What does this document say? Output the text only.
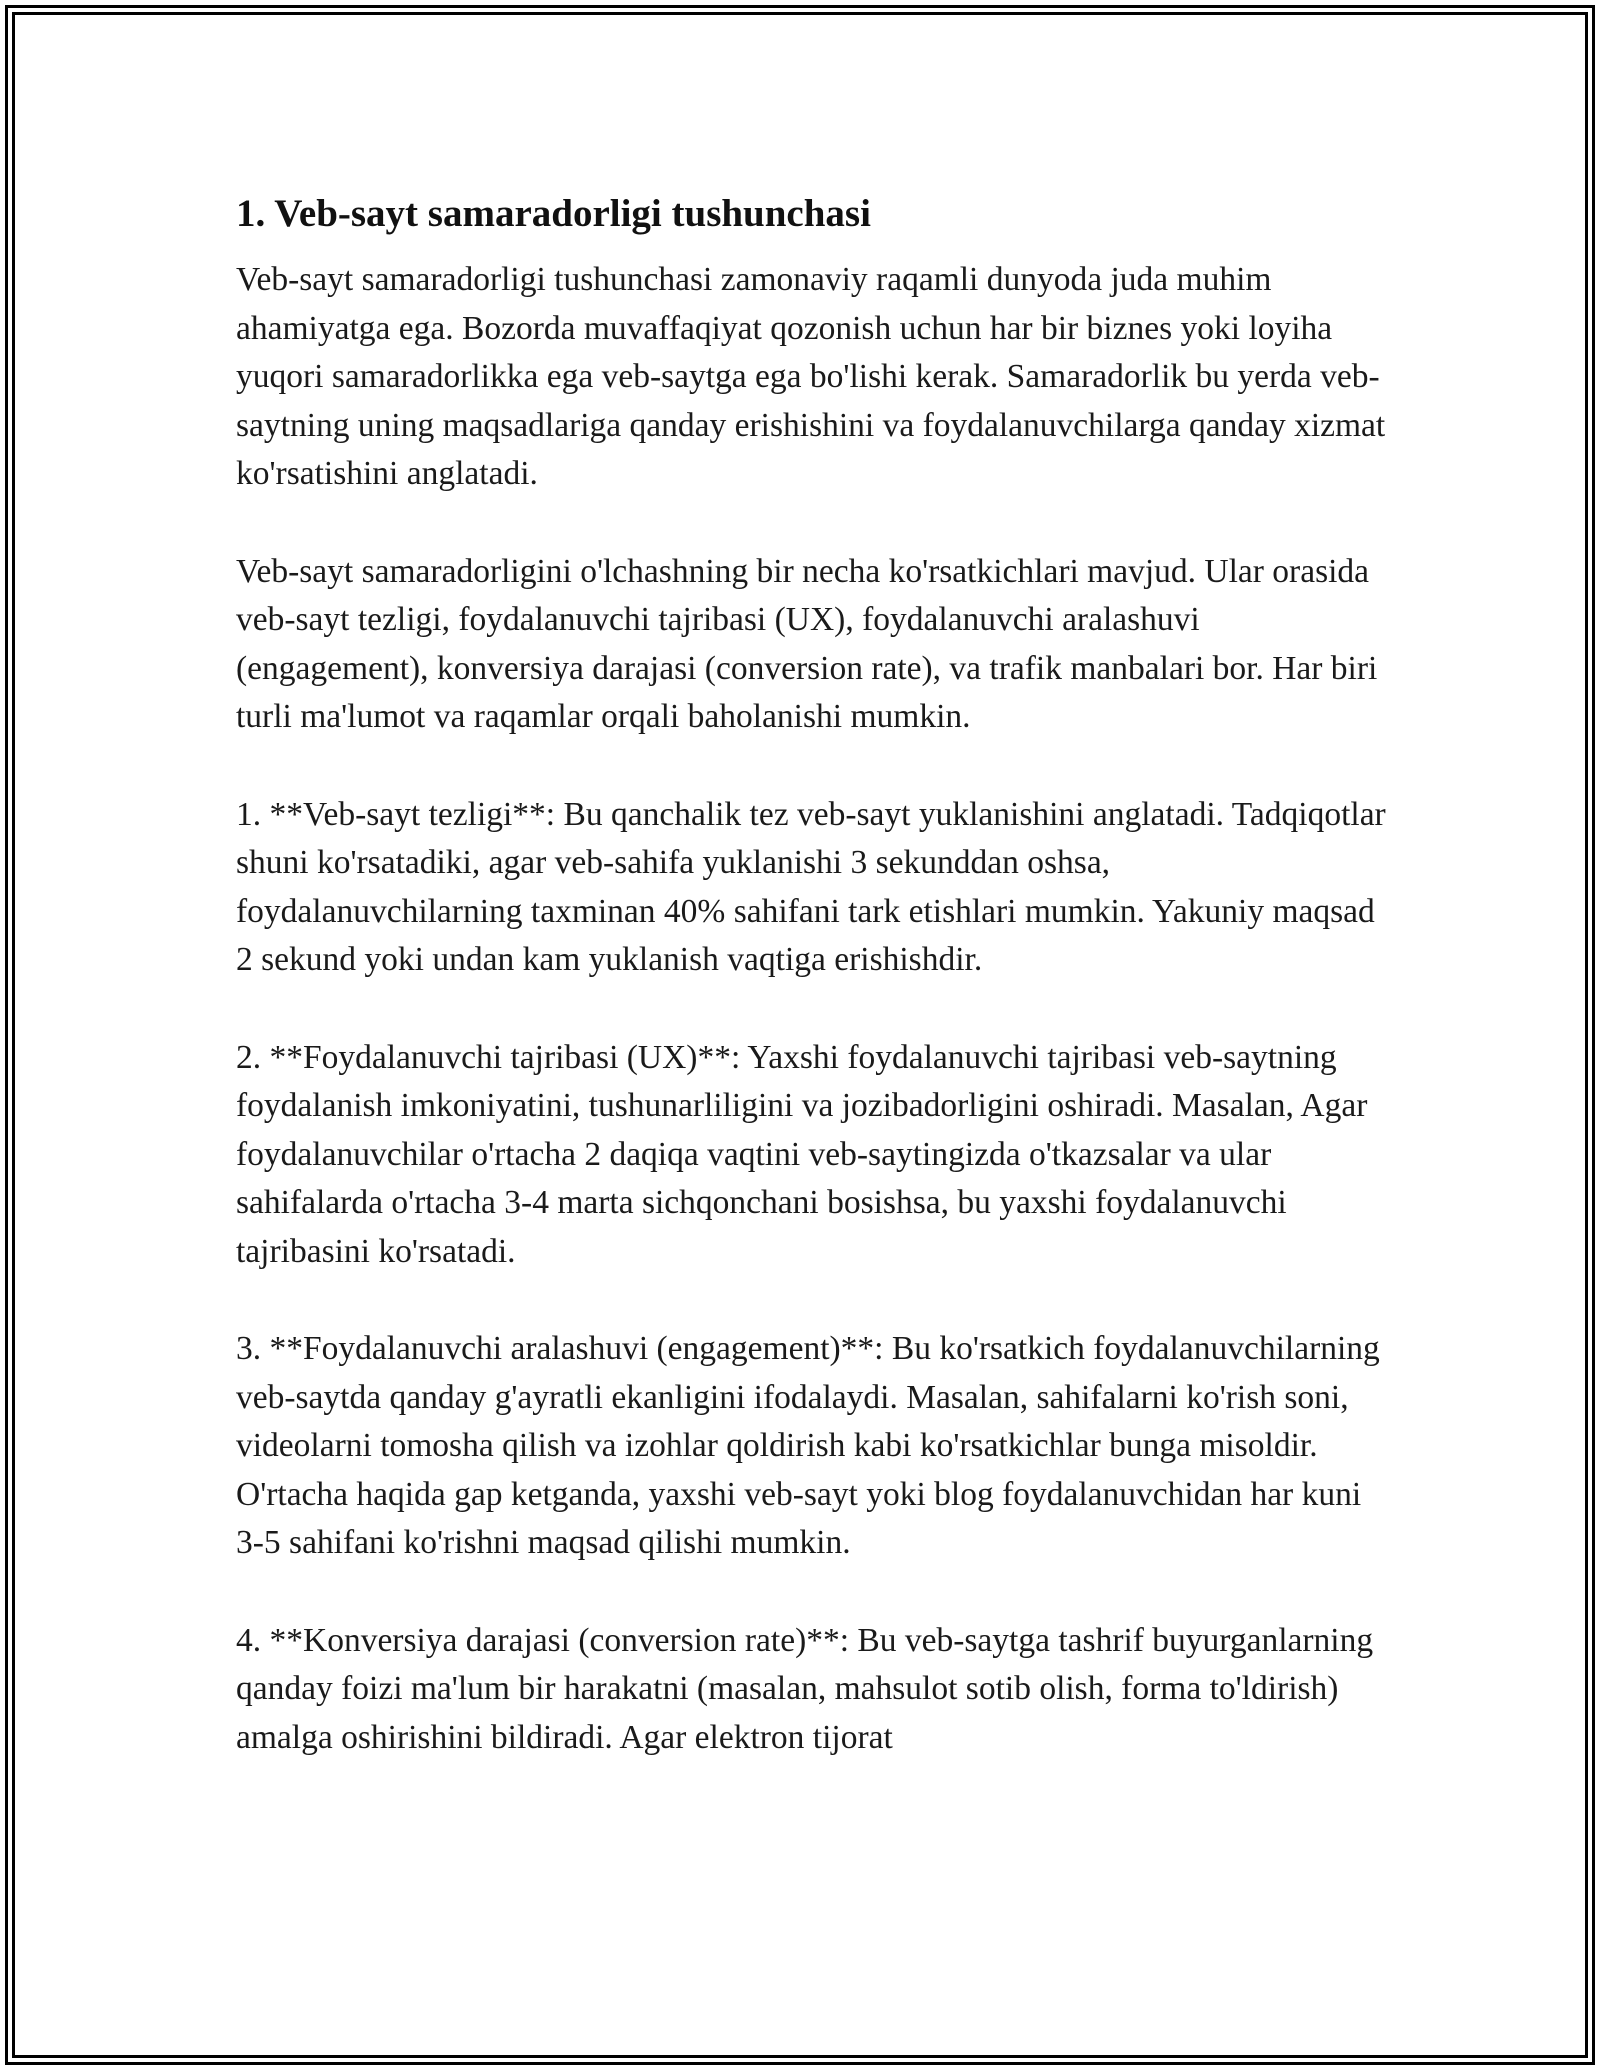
1. Veb-sayt samaradorligi tushunchasi

Veb-sayt samaradorligi tushunchasi zamonaviy raqamli dunyoda juda muhim ahamiyatga ega. Bozorda muvaffaqiyat qozonish uchun har bir biznes yoki loyiha yuqori samaradorlikka ega veb-saytga ega bo'lishi kerak. Samaradorlik bu yerda veb-saytning uning maqsadlariga qanday erishishini va foydalanuvchilarga qanday xizmat ko'rsatishini anglatadi.

Veb-sayt samaradorligini o'lchashning bir necha ko'rsatkichlari mavjud. Ular orasida veb-sayt tezligi, foydalanuvchi tajribasi (UX), foydalanuvchi aralashuvi (engagement), konversiya darajasi (conversion rate), va trafik manbalari bor. Har biri turli ma'lumot va raqamlar orqali baholanishi mumkin.

1. **Veb-sayt tezligi**: Bu qanchalik tez veb-sayt yuklanishini anglatadi. Tadqiqotlar shuni ko'rsatadiki, agar veb-sahifa yuklanishi 3 sekunddan oshsa, foydalanuvchilarning taxminan 40% sahifani tark etishlari mumkin. Yakuniy maqsad 2 sekund yoki undan kam yuklanish vaqtiga erishishdir.

2. **Foydalanuvchi tajribasi (UX)**: Yaxshi foydalanuvchi tajribasi veb-saytning foydalanish imkoniyatini, tushunarliligini va jozibadorligini oshiradi. Masalan, Agar foydalanuvchilar o'rtacha 2 daqiqa vaqtini veb-saytingizda o'tkazsalar va ular sahifalarda o'rtacha 3-4 marta sichqonchani bosishsa, bu yaxshi foydalanuvchi tajribasini ko'rsatadi.

3. **Foydalanuvchi aralashuvi (engagement)**: Bu ko'rsatkich foydalanuvchilarning veb-saytda qanday g'ayratli ekanligini ifodalaydi. Masalan, sahifalarni ko'rish soni, videolarni tomosha qilish va izohlar qoldirish kabi ko'rsatkichlar bunga misoldir. O'rtacha haqida gap ketganda, yaxshi veb-sayt yoki blog foydalanuvchidan har kuni 3-5 sahifani ko'rishni maqsad qilishi mumkin.

4. **Konversiya darajasi (conversion rate)**: Bu veb-saytga tashrif buyurganlarning qanday foizi ma'lum bir harakatni (masalan, mahsulot sotib olish, forma to'ldirish) amalga oshirishini bildiradi. Agar elektron tijorat
